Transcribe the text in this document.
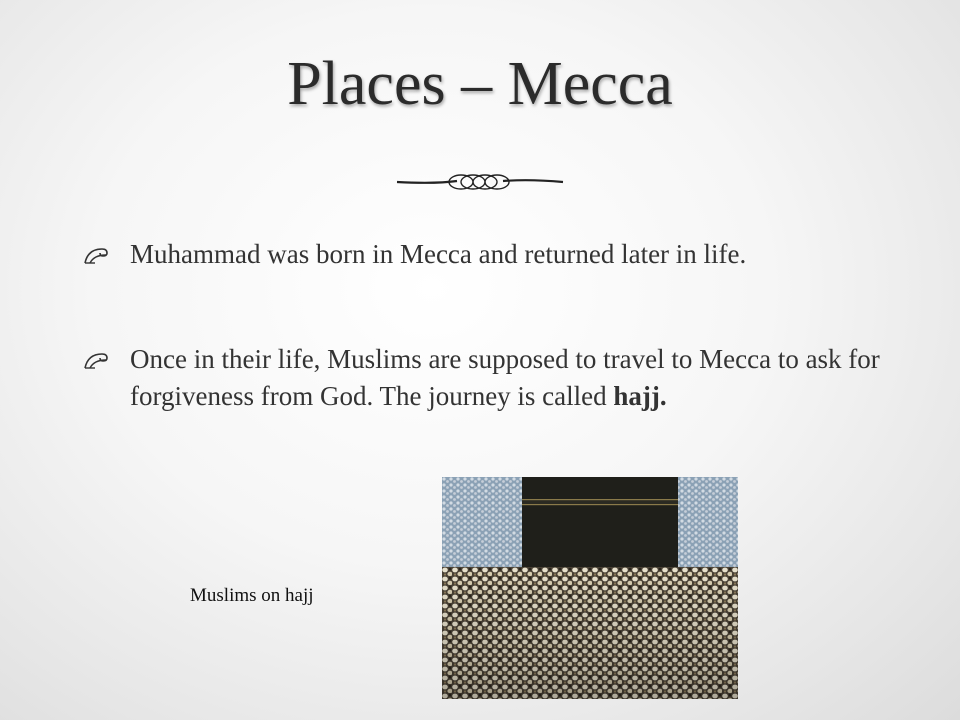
Places – Mecca
Muhammad was born in Mecca and returned later in life.
Once in their life, Muslims are supposed to travel to Mecca to ask for forgiveness from God. The journey is called hajj.
Muslims on hajj
